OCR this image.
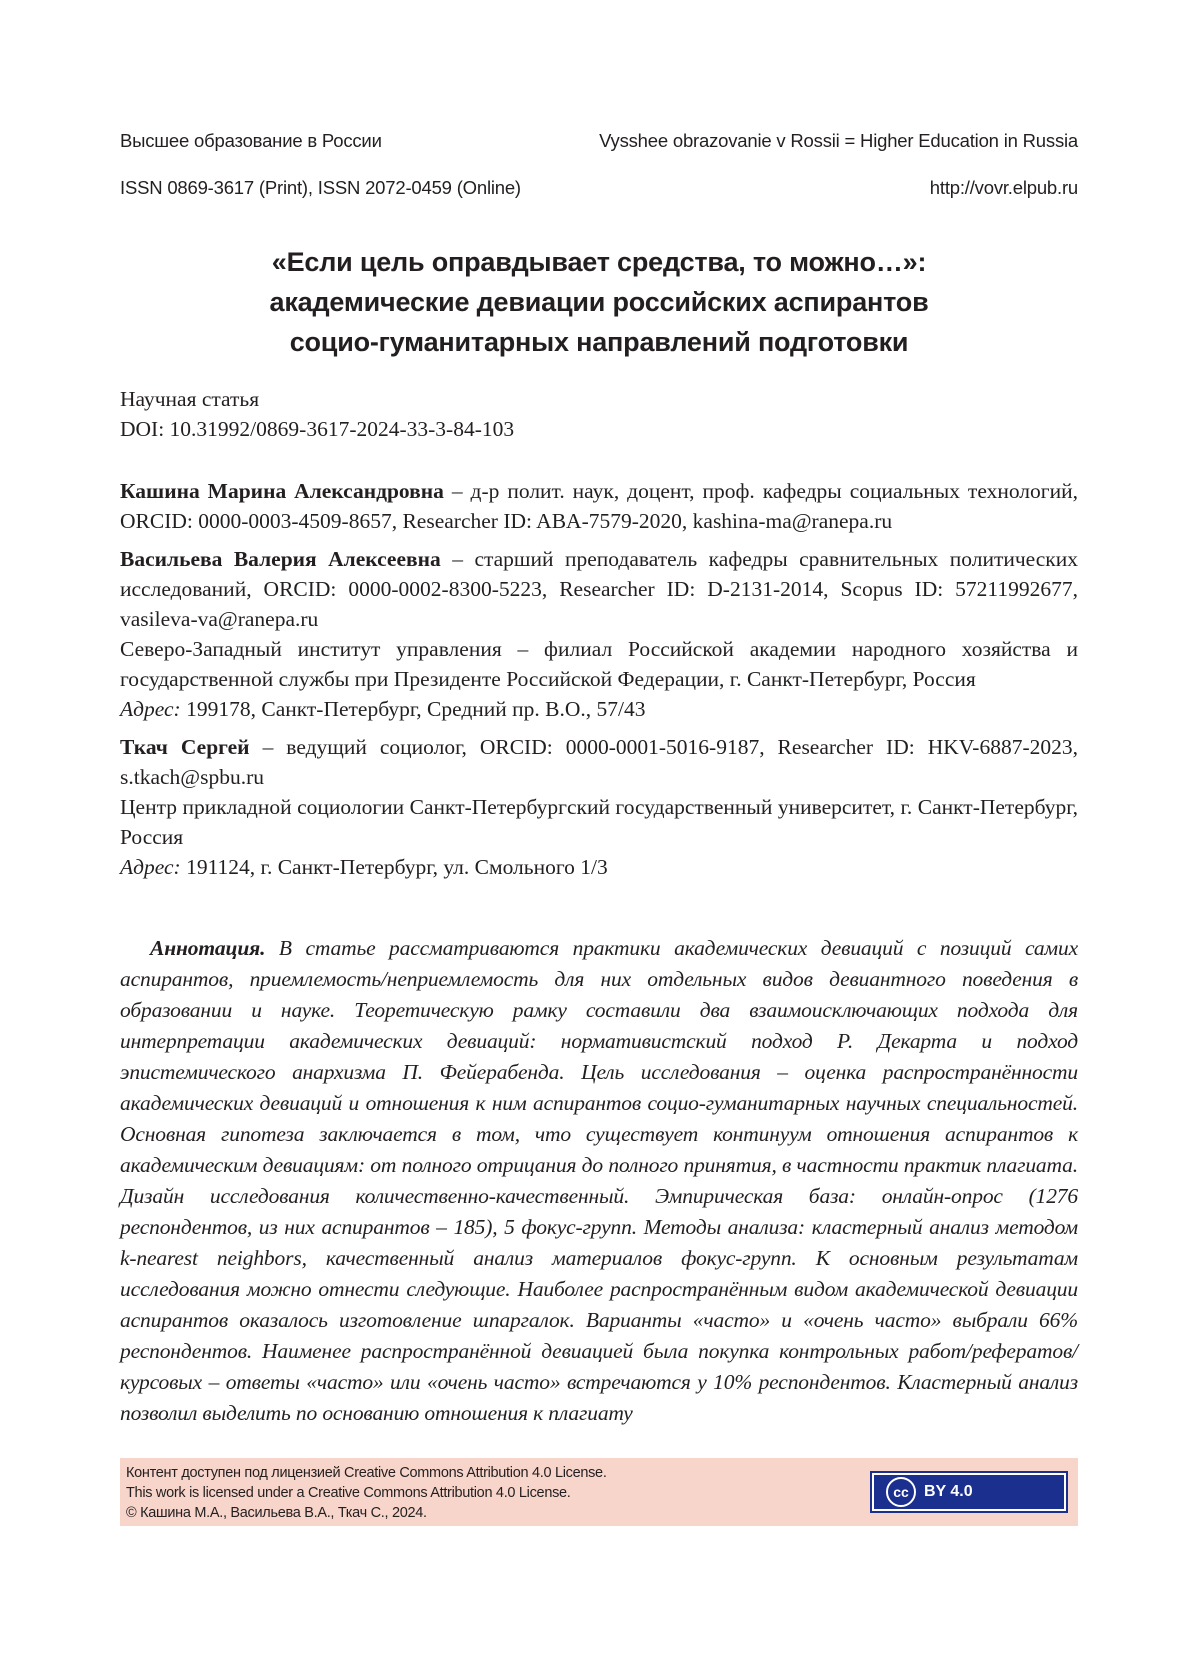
Высшее образование в России	Vysshee obrazovanie v Rossii = Higher Education in Russia
ISSN 0869-3617 (Print), ISSN 2072-0459 (Online)	http://vovr.elpub.ru
«Если цель оправдывает средства, то можно…»:
академические девиации российских аспирантов
социо-гуманитарных направлений подготовки
Научная статья
DOI: 10.31992/0869-3617-2024-33-3-84-103

Кашина Марина Александровна – д-р полит. наук, доцент, проф. кафедры социальных технологий, ORCID: 0000-0003-4509-8657, Researcher ID: ABA-7579-2020, kashina-ma@ranepa.ru

Васильева Валерия Алексеевна – старший преподаватель кафедры сравнительных политических исследований, ORCID: 0000-0002-8300-5223, Researcher ID: D-2131-2014, Scopus ID: 57211992677, vasileva-va@ranepa.ru

Северо-Западный институт управления – филиал Российской академии народного хозяйства и государственной службы при Президенте Российской Федерации, г. Санкт-Петербург, Россия

Адрес: 199178, Санкт-Петербург, Средний пр. В.О., 57/43

Ткач Сергей – ведущий социолог, ORCID: 0000-0001-5016-9187, Researcher ID: HKV-6887-2023, s.tkach@spbu.ru

Центр прикладной социологии Санкт-Петербургский государственный университет, г. Санкт-Петербург, Россия

Адрес: 191124, г. Санкт-Петербург, ул. Смольного 1/3

Аннотация. В статье рассматриваются практики академических девиаций с позиций самих аспирантов, приемлемость/неприемлемость для них отдельных видов девиантного поведения в образовании и науке. Теоретическую рамку составили два взаимоисключающих подхода для интерпретации академических девиаций: нормативистский подход Р. Декарта и подход эпистемического анархизма П. Фейерабенда. Цель исследования – оценка распространённости академических девиаций и отношения к ним аспирантов социо-гуманитарных научных специальностей. Основная гипотеза заключается в том, что существует континуум отношения аспирантов к академическим девиациям: от полного отрицания до полного принятия, в частности практик плагиата. Дизайн исследования количественно-качественный. Эмпирическая база: онлайн-опрос (1276 респондентов, из них аспирантов – 185), 5 фокус-групп. Методы анализа: кластерный анализ методом k-nearest neighbors, качественный анализ материалов фокус-групп. К основным результатам исследования можно отнести следующие. Наиболее распространённым видом академической девиации аспирантов оказалось изготовление шпаргалок. Варианты «часто» и «очень часто» выбрали 66% респондентов. Наименее распространённой девиацией была покупка контрольных работ/рефератов/курсовых – ответы «часто» или «очень часто» встречаются у 10% респондентов. Кластерный анализ позволил выделить по основанию отношения к плагиату
Контент доступен под лицензией Creative Commons Attribution 4.0 License.
This work is licensed under a Creative Commons Attribution 4.0 License.
© Кашина М.А., Васильева В.А., Ткач С., 2024.
cc BY 4.0
